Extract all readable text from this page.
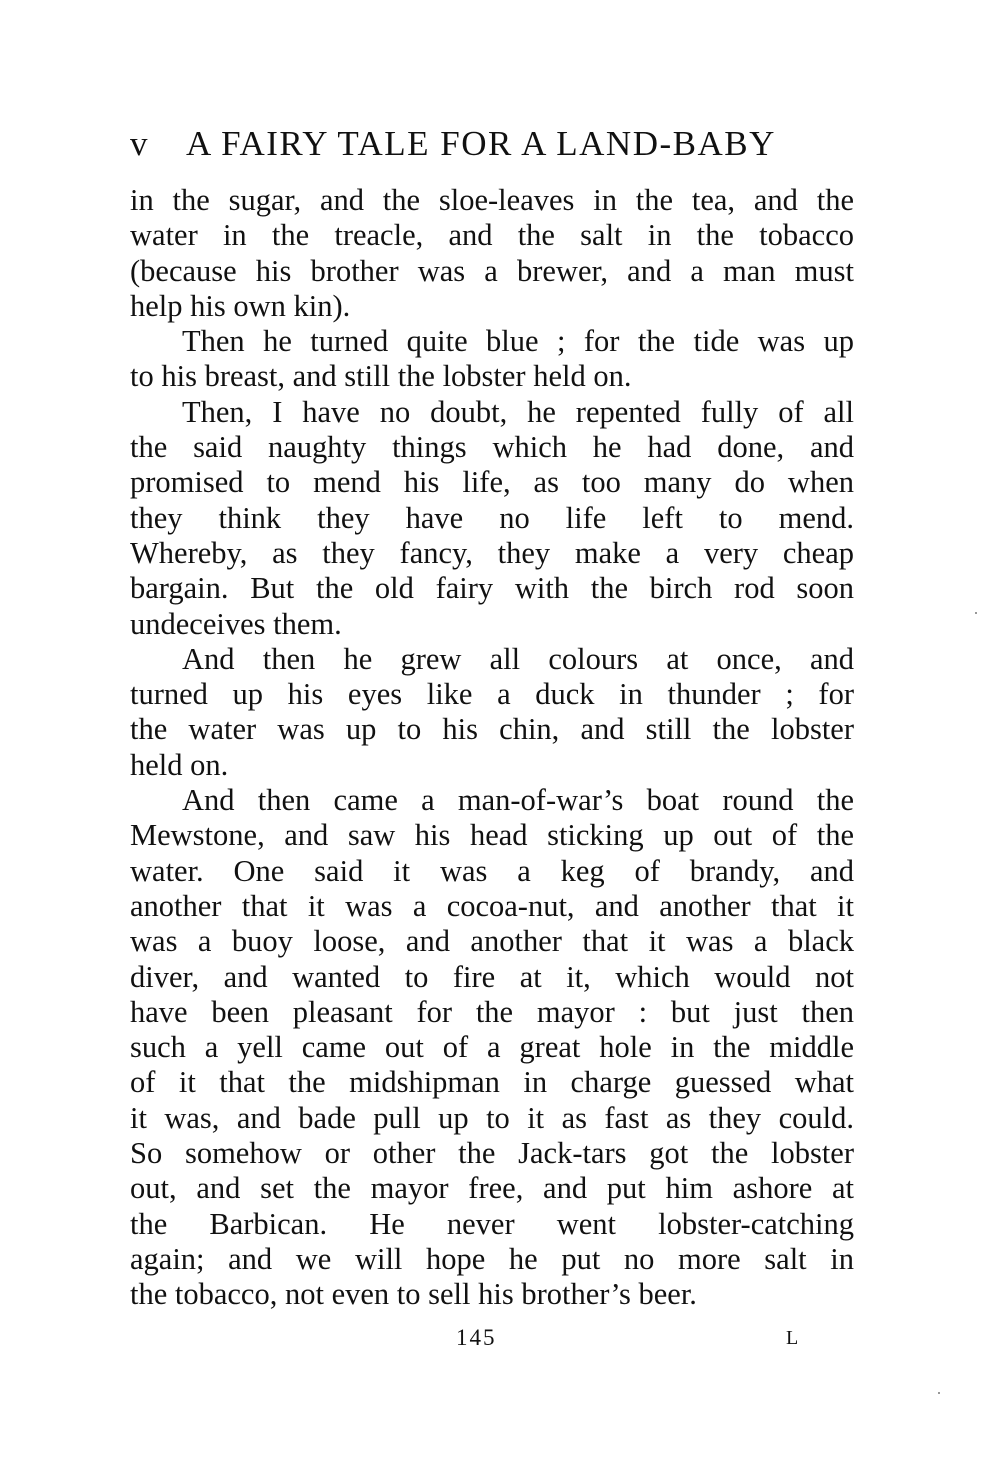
v A FAIRY TALE FOR A LAND-BABY
in the sugar, and the sloe-leaves in the tea, and the
water in the treacle, and the salt in the tobacco
(because his brother was a brewer, and a man must
help his own kin).
Then he turned quite blue ; for the tide was up
to his breast, and still the lobster held on.
Then, I have no doubt, he repented fully of all
the said naughty things which he had done, and
promised to mend his life, as too many do when
they think they have no life left to mend.
Whereby, as they fancy, they make a very cheap
bargain. But the old fairy with the birch rod soon
undeceives them.
And then he grew all colours at once, and
turned up his eyes like a duck in thunder ; for
the water was up to his chin, and still the lobster
held on.
And then came a man-of-war’s boat round the
Mewstone, and saw his head sticking up out of the
water. One said it was a keg of brandy, and
another that it was a cocoa-nut, and another that it
was a buoy loose, and another that it was a black
diver, and wanted to fire at it, which would not
have been pleasant for the mayor : but just then
such a yell came out of a great hole in the middle
of it that the midshipman in charge guessed what
it was, and bade pull up to it as fast as they could.
So somehow or other the Jack-tars got the lobster
out, and set the mayor free, and put him ashore at
the Barbican. He never went lobster-catching
again; and we will hope he put no more salt in
the tobacco, not even to sell his brother’s beer.
145	L
